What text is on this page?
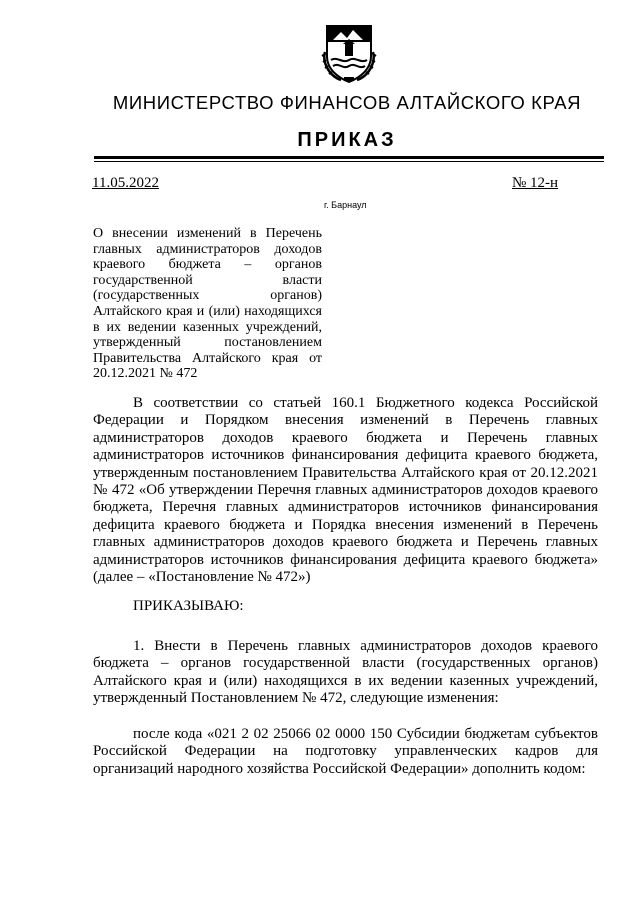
МИНИСТЕРСТВО ФИНАНСОВ АЛТАЙСКОГО КРАЯ
ПРИКАЗ
11.05.2022	№ 12-н
г. Барнаул
О внесении изменений в Перечень главных администраторов доходов краевого бюджета – органов государственной власти (государственных органов) Алтайского края и (или) находящихся в их ведении казенных учреждений, утвержденный постановлением Правительства Алтайского края от 20.12.2021 № 472
В соответствии со статьей 160.1 Бюджетного кодекса Российской Федерации и Порядком внесения изменений в Перечень главных администраторов доходов краевого бюджета и Перечень главных администраторов источников финансирования дефицита краевого бюджета, утвержденным постановлением Правительства Алтайского края от 20.12.2021 № 472 «Об утверждении Перечня главных администраторов доходов краевого бюджета, Перечня главных администраторов источников финансирования дефицита краевого бюджета и Порядка внесения изменений в Перечень главных администраторов доходов краевого бюджета и Перечень главных администраторов источников финансирования дефицита краевого бюджета» (далее – «Постановление № 472»)
ПРИКАЗЫВАЮ:
1. Внести в Перечень главных администраторов доходов краевого бюджета – органов государственной власти (государственных органов) Алтайского края и (или) находящихся в их ведении казенных учреждений, утвержденный Постановлением № 472, следующие изменения:
после кода «021 2 02 25066 02 0000 150 Субсидии бюджетам субъектов Российской Федерации на подготовку управленческих кадров для организаций народного хозяйства Российской Федерации» дополнить кодом:
